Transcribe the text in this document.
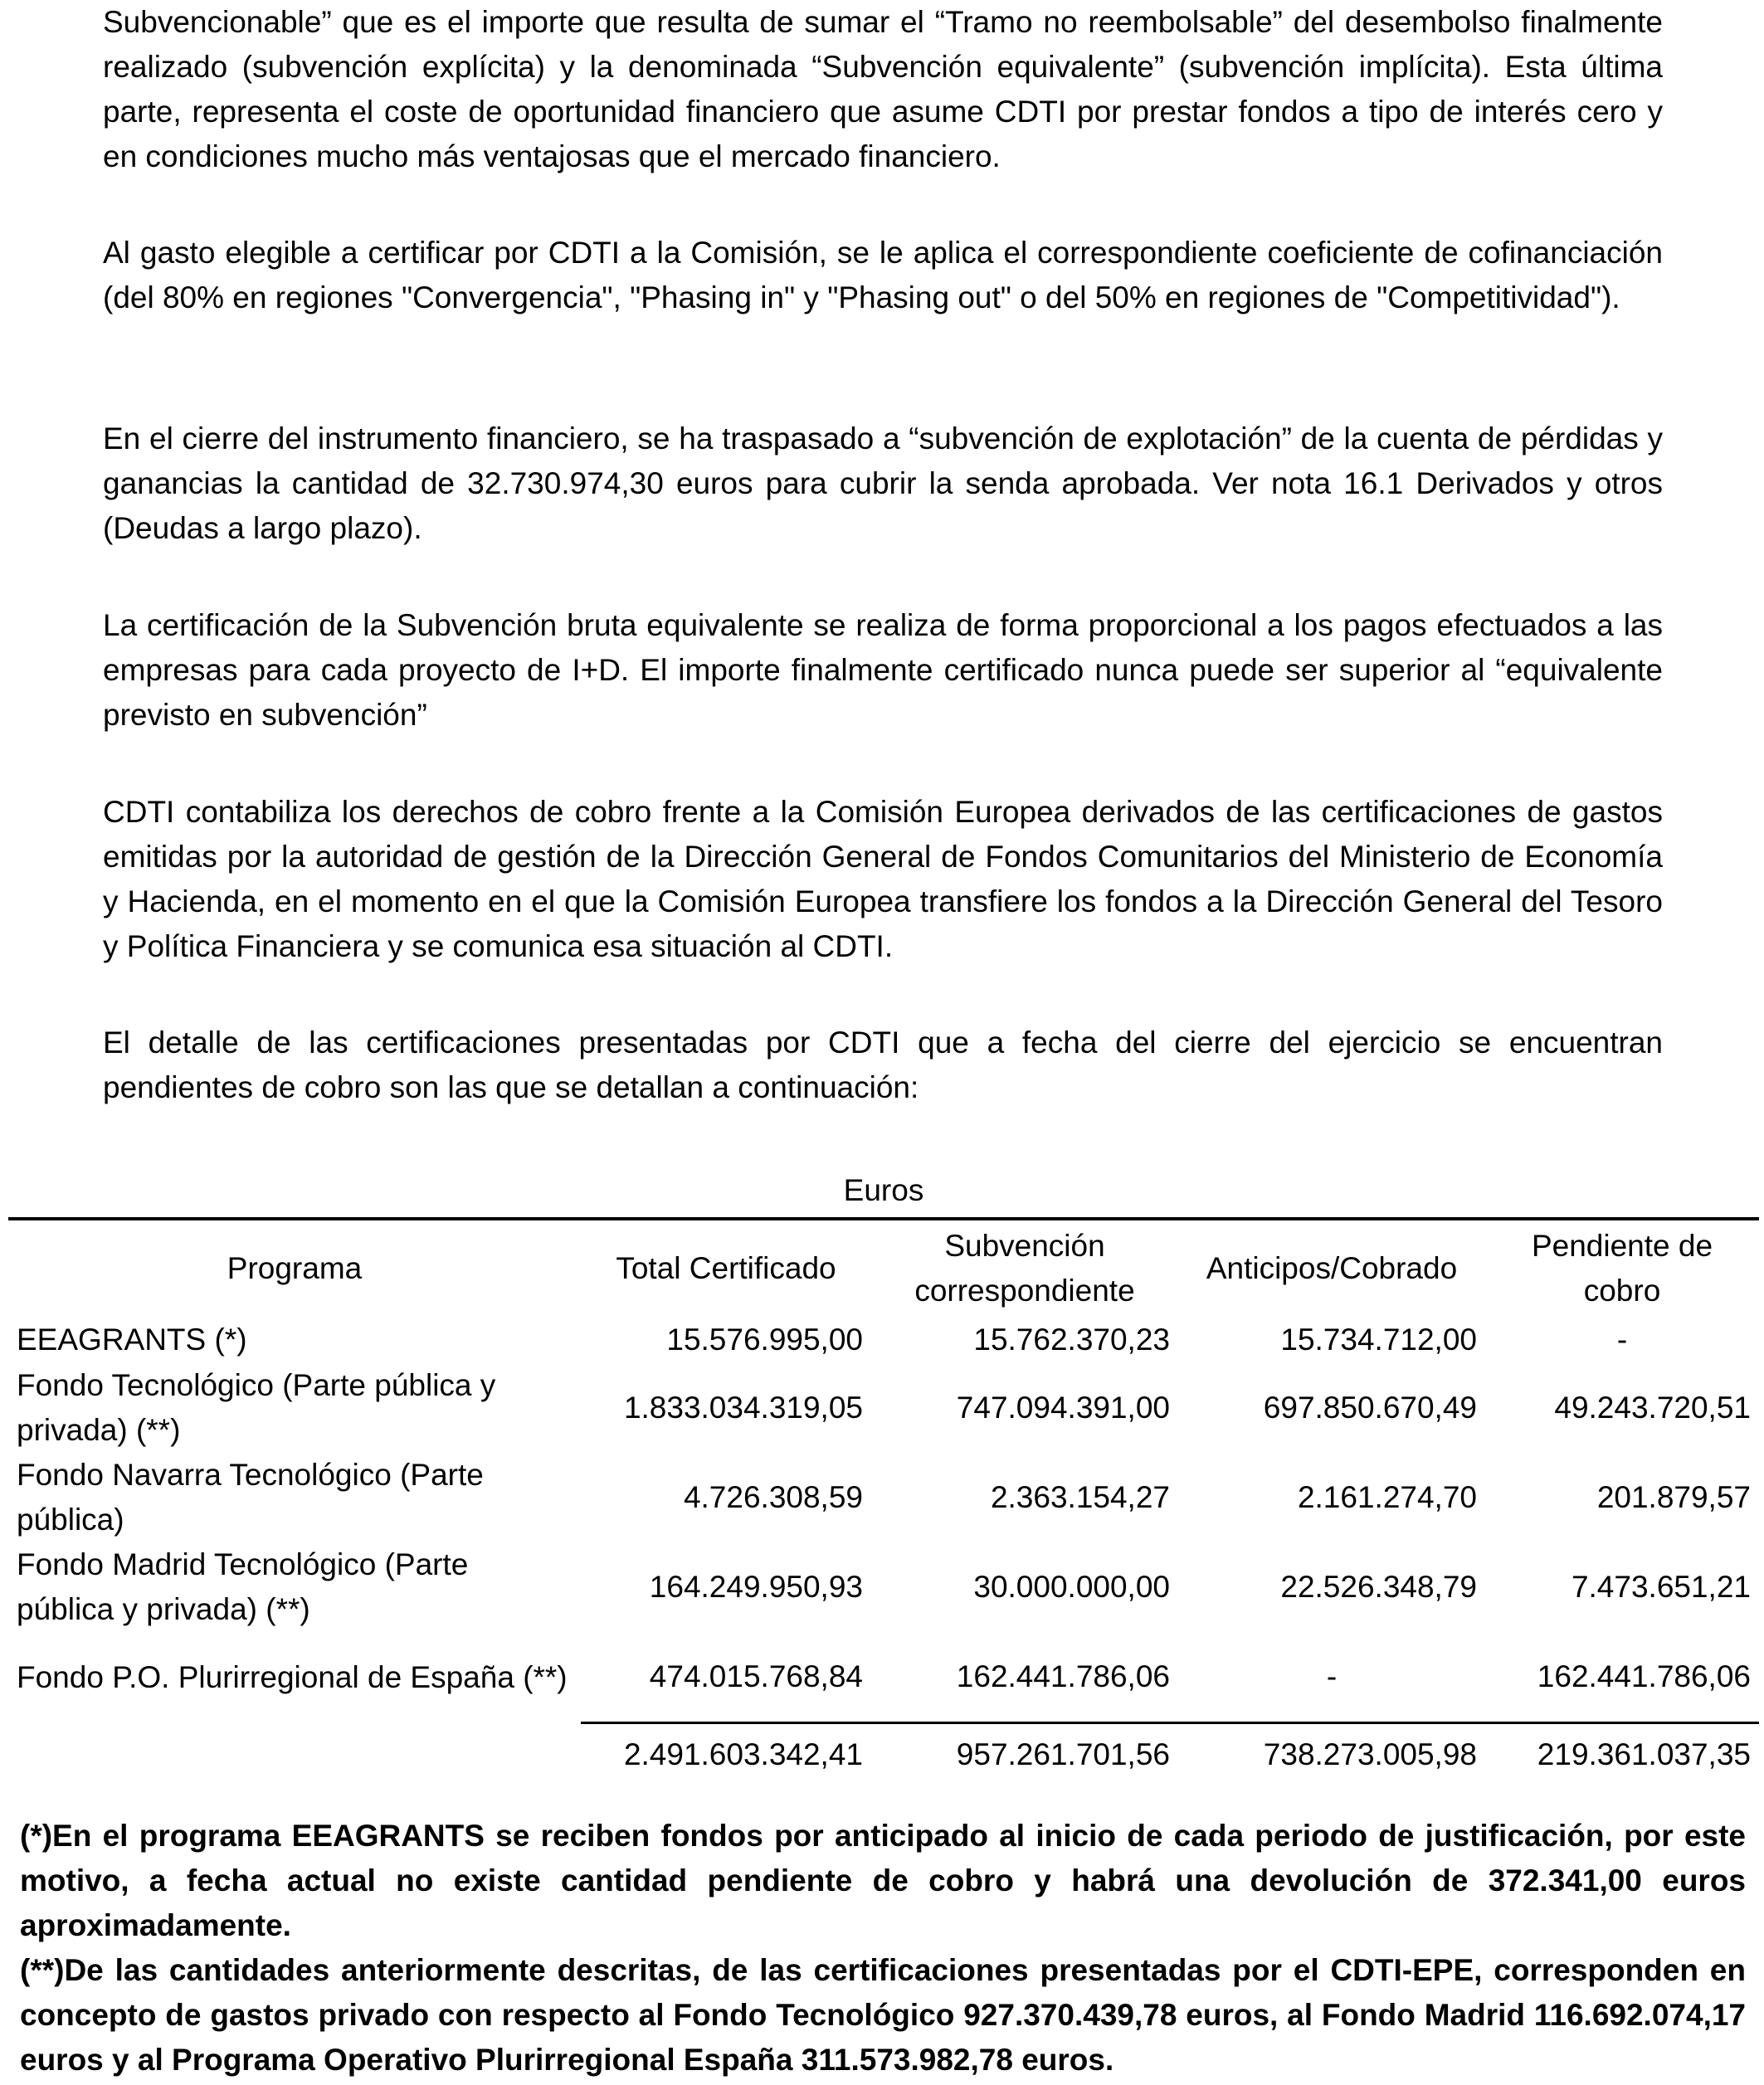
Subvencionable” que es el importe que resulta de sumar el “Tramo no reembolsable” del desembolso finalmente realizado (subvención explícita) y la denominada “Subvención equivalente” (subvención implícita). Esta última parte, representa el coste de oportunidad financiero que asume CDTI por prestar fondos a tipo de interés cero y en condiciones mucho más ventajosas que el mercado financiero.

Al gasto elegible a certificar por CDTI a la Comisión, se le aplica el correspondiente coeficiente de cofinanciación (del 80% en regiones "Convergencia", "Phasing in" y "Phasing out" o del 50% en regiones de "Competitividad").

En el cierre del instrumento financiero, se ha traspasado a “subvención de explotación” de la cuenta de pérdidas y ganancias la cantidad de 32.730.974,30 euros para cubrir la senda aprobada. Ver nota 16.1 Derivados y otros (Deudas a largo plazo).

La certificación de la Subvención bruta equivalente se realiza de forma proporcional a los pagos efectuados a las empresas para cada proyecto de I+D. El importe finalmente certificado nunca puede ser superior al “equivalente previsto en subvención”

CDTI contabiliza los derechos de cobro frente a la Comisión Europea derivados de las certificaciones de gastos emitidas por la autoridad de gestión de la Dirección General de Fondos Comunitarios del Ministerio de Economía y Hacienda, en el momento en el que la Comisión Europea transfiere los fondos a la Dirección General del Tesoro y Política Financiera y se comunica esa situación al CDTI.

El detalle de las certificaciones presentadas por CDTI que a fecha del cierre del ejercicio se encuentran pendientes de cobro son las que se detallan a continuación:

Euros
Programa	Total Certificado	Subvención correspondiente	Anticipos/Cobrado	Pendiente de cobro
EEAGRANTS (*)	15.576.995,00	15.762.370,23	15.734.712,00	-
Fondo Tecnológico (Parte pública y privada) (**)	1.833.034.319,05	747.094.391,00	697.850.670,49	49.243.720,51
Fondo Navarra Tecnológico (Parte pública)	4.726.308,59	2.363.154,27	2.161.274,70	201.879,57
Fondo Madrid Tecnológico (Parte pública y privada) (**)	164.249.950,93	30.000.000,00	22.526.348,79	7.473.651,21
Fondo P.O. Plurirregional de España (**)	474.015.768,84	162.441.786,06	-	162.441.786,06
	2.491.603.342,41	957.261.701,56	738.273.005,98	219.361.037,35

(*)En el programa EEAGRANTS se reciben fondos por anticipado al inicio de cada periodo de justificación, por este motivo, a fecha actual no existe cantidad pendiente de cobro y habrá una devolución de 372.341,00 euros aproximadamente.

(**)De las cantidades anteriormente descritas, de las certificaciones presentadas por el CDTI-EPE, corresponden en concepto de gastos privado con respecto al Fondo Tecnológico 927.370.439,78 euros, al Fondo Madrid 116.692.074,17 euros y al Programa Operativo Plurirregional España 311.573.982,78 euros.
